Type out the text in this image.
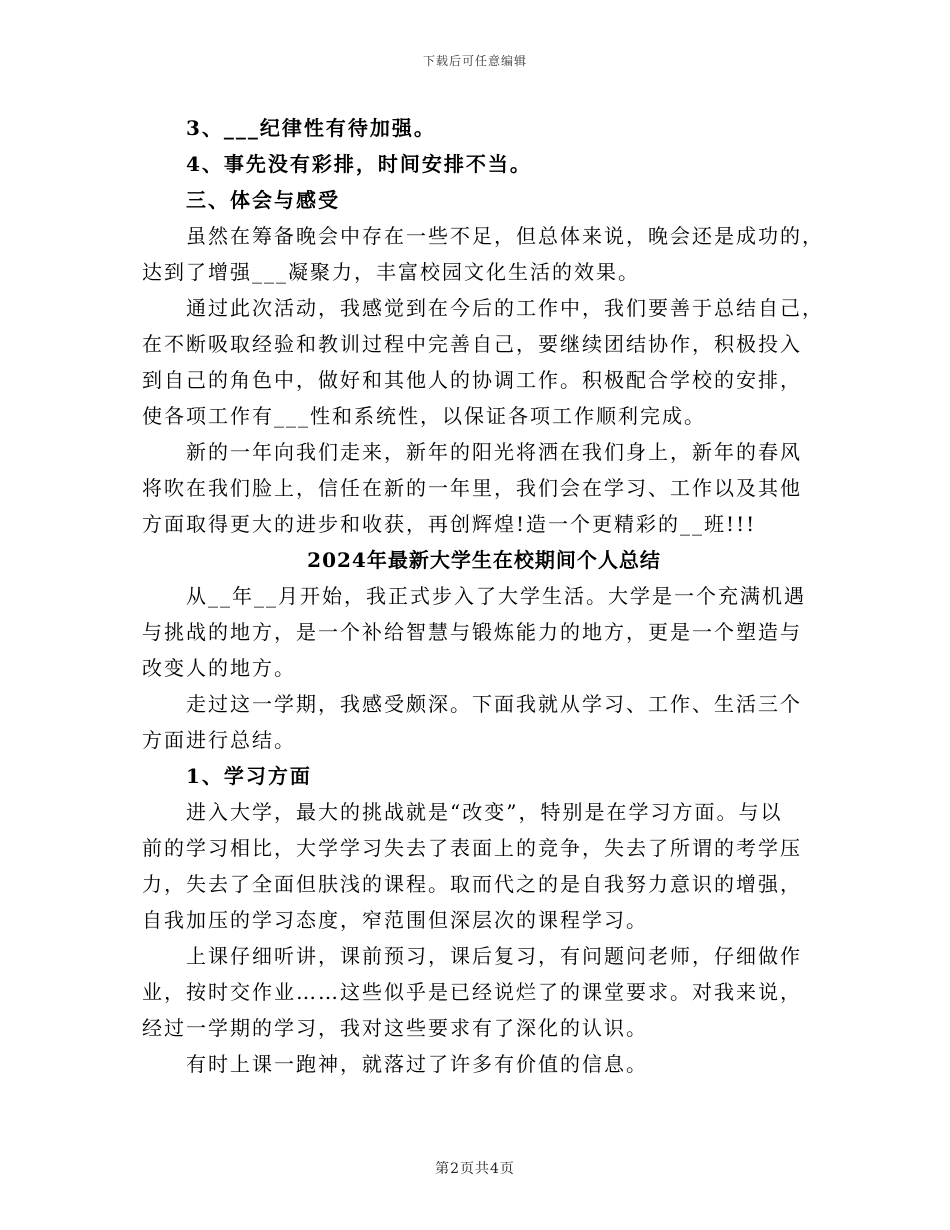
下载后可任意编辑
3、___纪律性有待加强。
4、事先没有彩排，时间安排不当。
三、体会与感受
虽然在筹备晚会中存在一些不足，但总体来说，晚会还是成功的，
达到了增强___凝聚力，丰富校园文化生活的效果。
通过此次活动，我感觉到在今后的工作中，我们要善于总结自己，
在不断吸取经验和教训过程中完善自己，要继续团结协作，积极投入
到自己的角色中，做好和其他人的协调工作。积极配合学校的安排，
使各项工作有___性和系统性，以保证各项工作顺利完成。
新的一年向我们走来，新年的阳光将洒在我们身上，新年的春风
将吹在我们脸上，信任在新的一年里，我们会在学习、工作以及其他
方面取得更大的进步和收获，再创辉煌!造一个更精彩的__班!!!
2024年最新大学生在校期间个人总结
从__年__月开始，我正式步入了大学生活。大学是一个充满机遇
与挑战的地方，是一个补给智慧与锻炼能力的地方，更是一个塑造与
改变人的地方。
走过这一学期，我感受颇深。下面我就从学习、工作、生活三个
方面进行总结。
1、学习方面
进入大学，最大的挑战就是“改变”，特别是在学习方面。与以
前的学习相比，大学学习失去了表面上的竞争，失去了所谓的考学压
力，失去了全面但肤浅的课程。取而代之的是自我努力意识的增强，
自我加压的学习态度，窄范围但深层次的课程学习。
上课仔细听讲，课前预习，课后复习，有问题问老师，仔细做作
业，按时交作业……这些似乎是已经说烂了的课堂要求。对我来说，
经过一学期的学习，我对这些要求有了深化的认识。
有时上课一跑神，就落过了许多有价值的信息。
第2页共4页
